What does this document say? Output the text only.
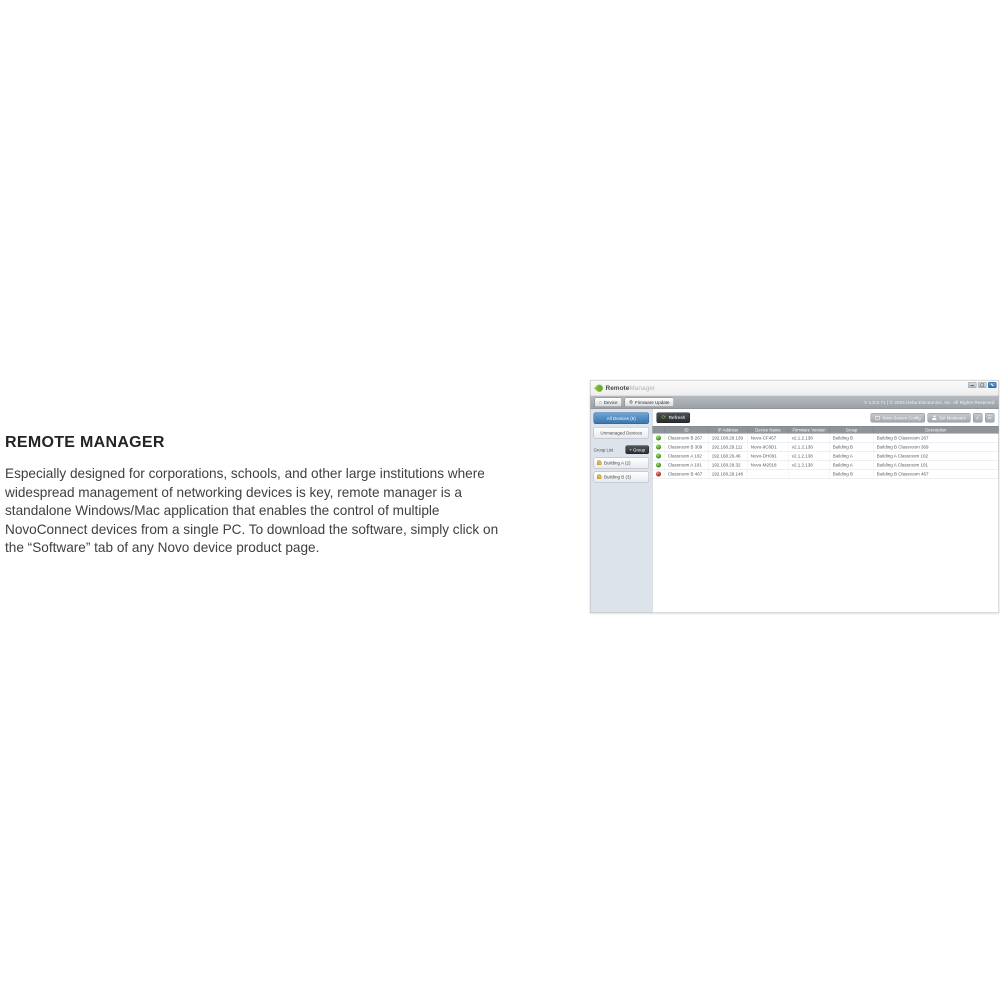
REMOTE MANAGER

Especially designed for corporations, schools, and other large institutions where widespread management of networking devices is key, remote manager is a standalone Windows/Mac application that enables the control of multiple NovoConnect devices from a single PC. To download the software, simply click on the “Software” tab of any Novo device product page.

RemoteManager
⌂ Device ⚙ Firmware Update	V 1.0.0.71 | © 2015 Delta Electronics, Inc. All Rights Reserved
All Devices (5)
Unmanaged Devices
Group List	+ Group
Building A (2)
Building B (3)
⟳ Refresh	Novo Screen Config Set Moderator ♬ ☰
	ID	IP Address	Device Name	Firmware Version	Group	Description
	Classroom B 267	192.168.29.139	Novo-CF457	v2.1.2.138	Building B	Building B Classroom 267
	Classroom B 309	192.168.29.111	Novo-9C8D1	v2.1.2.138	Building B	Building B Classroom 309
	Classroom A 102	192.168.29.46	Novo-DH091	v2.1.2.138	Building A	Building A Classroom 102
	Classroom A 101	192.168.29.32	Novo-M2018	v2.1.2.138	Building A	Building A Classroom 101
	Classroom B 467	192.168.29.148			Building B	Building B Classroom 467
